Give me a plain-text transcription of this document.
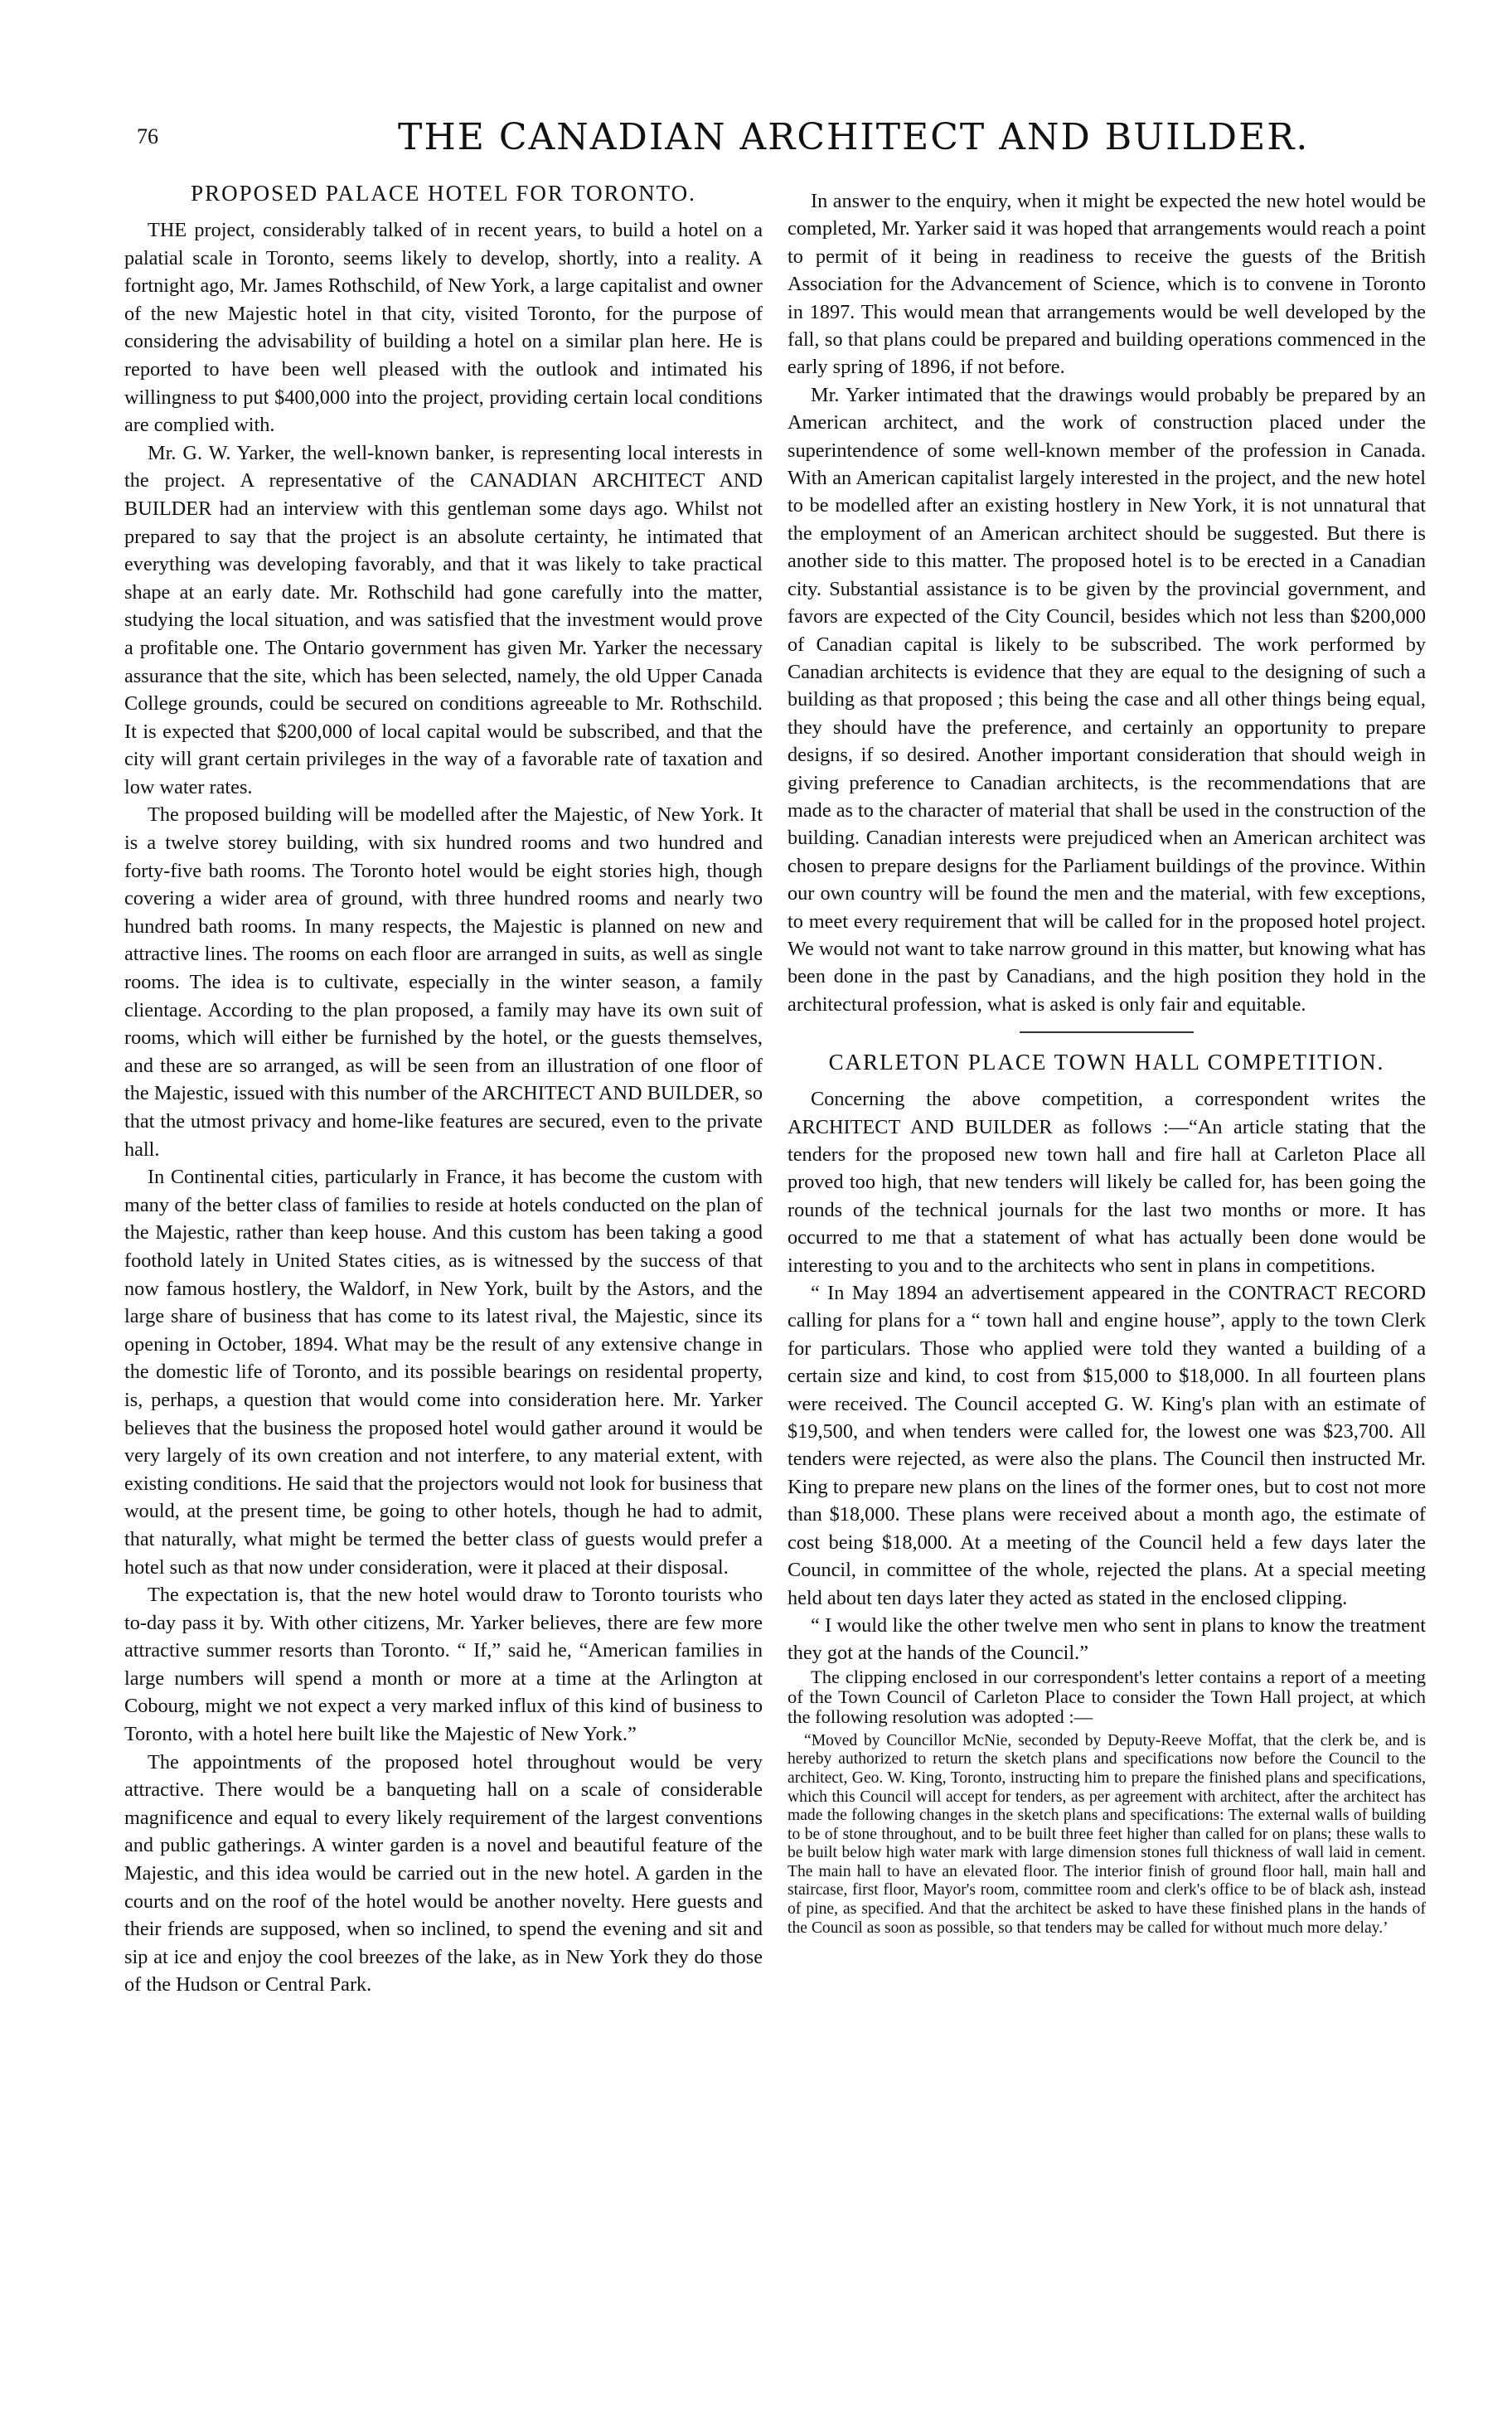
76	THE CANADIAN ARCHITECT AND BUILDER.
PROPOSED PALACE HOTEL FOR TORONTO.

THE project, considerably talked of in recent years, to build a hotel on a palatial scale in Toronto, seems likely to develop, shortly, into a reality. A fortnight ago, Mr. James Rothschild, of New York, a large capitalist and owner of the new Majestic hotel in that city, visited Toronto, for the purpose of considering the advisability of building a hotel on a similar plan here. He is reported to have been well pleased with the outlook and intimated his willingness to put $400,000 into the project, providing certain local conditions are complied with.

Mr. G. W. Yarker, the well-known banker, is representing local interests in the project. A representative of the CANADIAN ARCHITECT AND BUILDER had an interview with this gentleman some days ago. Whilst not prepared to say that the project is an absolute certainty, he intimated that everything was developing favorably, and that it was likely to take practical shape at an early date. Mr. Rothschild had gone carefully into the matter, studying the local situation, and was satisfied that the investment would prove a profitable one. The Ontario government has given Mr. Yarker the necessary assurance that the site, which has been selected, namely, the old Upper Canada College grounds, could be secured on conditions agreeable to Mr. Rothschild. It is expected that $200,000 of local capital would be subscribed, and that the city will grant certain privileges in the way of a favorable rate of taxation and low water rates.

The proposed building will be modelled after the Majestic, of New York. It is a twelve storey building, with six hundred rooms and two hundred and forty-five bath rooms. The Toronto hotel would be eight stories high, though covering a wider area of ground, with three hundred rooms and nearly two hundred bath rooms. In many respects, the Majestic is planned on new and attractive lines. The rooms on each floor are arranged in suits, as well as single rooms. The idea is to cultivate, especially in the winter season, a family clientage. According to the plan proposed, a family may have its own suit of rooms, which will either be furnished by the hotel, or the guests themselves, and these are so arranged, as will be seen from an illustration of one floor of the Majestic, issued with this number of the ARCHITECT AND BUILDER, so that the utmost privacy and home-like features are secured, even to the private hall.

In Continental cities, particularly in France, it has become the custom with many of the better class of families to reside at hotels conducted on the plan of the Majestic, rather than keep house. And this custom has been taking a good foothold lately in United States cities, as is witnessed by the success of that now famous hostlery, the Waldorf, in New York, built by the Astors, and the large share of business that has come to its latest rival, the Majestic, since its opening in October, 1894. What may be the result of any extensive change in the domestic life of Toronto, and its possible bearings on residental property, is, perhaps, a question that would come into consideration here. Mr. Yarker believes that the business the proposed hotel would gather around it would be very largely of its own creation and not interfere, to any material extent, with existing conditions. He said that the projectors would not look for business that would, at the present time, be going to other hotels, though he had to admit, that naturally, what might be termed the better class of guests would prefer a hotel such as that now under consideration, were it placed at their disposal.

The expectation is, that the new hotel would draw to Toronto tourists who to-day pass it by. With other citizens, Mr. Yarker believes, there are few more attractive summer resorts than Toronto. “ If,” said he, “American families in large numbers will spend a month or more at a time at the Arlington at Cobourg, might we not expect a very marked influx of this kind of business to Toronto, with a hotel here built like the Majestic of New York.”

The appointments of the proposed hotel throughout would be very attractive. There would be a banqueting hall on a scale of considerable magnificence and equal to every likely requirement of the largest conventions and public gatherings. A winter garden is a novel and beautiful feature of the Majestic, and this idea would be carried out in the new hotel. A garden in the courts and on the roof of the hotel would be another novelty. Here guests and their friends are supposed, when so inclined, to spend the evening and sit and sip at ice and enjoy the cool breezes of the lake, as in New York they do those of the Hudson or Central Park.

In answer to the enquiry, when it might be expected the new hotel would be completed, Mr. Yarker said it was hoped that arrangements would reach a point to permit of it being in readiness to receive the guests of the British Association for the Advancement of Science, which is to convene in Toronto in 1897. This would mean that arrangements would be well developed by the fall, so that plans could be prepared and building operations commenced in the early spring of 1896, if not before.

Mr. Yarker intimated that the drawings would probably be prepared by an American architect, and the work of construction placed under the superintendence of some well-known member of the profession in Canada. With an American capitalist largely interested in the project, and the new hotel to be modelled after an existing hostlery in New York, it is not unnatural that the employment of an American architect should be suggested. But there is another side to this matter. The proposed hotel is to be erected in a Canadian city. Substantial assistance is to be given by the provincial government, and favors are expected of the City Council, besides which not less than $200,000 of Canadian capital is likely to be subscribed. The work performed by Canadian architects is evidence that they are equal to the designing of such a building as that proposed ; this being the case and all other things being equal, they should have the preference, and certainly an opportunity to prepare designs, if so desired. Another important consideration that should weigh in giving preference to Canadian architects, is the recommendations that are made as to the character of material that shall be used in the construction of the building. Canadian interests were prejudiced when an American architect was chosen to prepare designs for the Parliament buildings of the province. Within our own country will be found the men and the material, with few exceptions, to meet every requirement that will be called for in the proposed hotel project. We would not want to take narrow ground in this matter, but knowing what has been done in the past by Canadians, and the high position they hold in the architectural profession, what is asked is only fair and equitable.

CARLETON PLACE TOWN HALL COMPETITION.

Concerning the above competition, a correspondent writes the ARCHITECT AND BUILDER as follows :—“An article stating that the tenders for the proposed new town hall and fire hall at Carleton Place all proved too high, that new tenders will likely be called for, has been going the rounds of the technical journals for the last two months or more. It has occurred to me that a statement of what has actually been done would be interesting to you and to the architects who sent in plans in competitions.

“ In May 1894 an advertisement appeared in the CONTRACT RECORD calling for plans for a “ town hall and engine house”, apply to the town Clerk for particulars. Those who applied were told they wanted a building of a certain size and kind, to cost from $15,000 to $18,000. In all fourteen plans were received. The Council accepted G. W. King's plan with an estimate of $19,500, and when tenders were called for, the lowest one was $23,700. All tenders were rejected, as were also the plans. The Council then instructed Mr. King to prepare new plans on the lines of the former ones, but to cost not more than $18,000. These plans were received about a month ago, the estimate of cost being $18,000. At a meeting of the Council held a few days later the Council, in committee of the whole, rejected the plans. At a special meeting held about ten days later they acted as stated in the enclosed clipping.

“ I would like the other twelve men who sent in plans to know the treatment they got at the hands of the Council.”

The clipping enclosed in our correspondent's letter contains a report of a meeting of the Town Council of Carleton Place to consider the Town Hall project, at which the following resolution was adopted :—

“Moved by Councillor McNie, seconded by Deputy-Reeve Moffat, that the clerk be, and is hereby authorized to return the sketch plans and specifications now before the Council to the architect, Geo. W. King, Toronto, instructing him to prepare the finished plans and specifications, which this Council will accept for tenders, as per agreement with architect, after the architect has made the following changes in the sketch plans and specifications: The external walls of building to be of stone throughout, and to be built three feet higher than called for on plans; these walls to be built below high water mark with large dimension stones full thickness of wall laid in cement. The main hall to have an elevated floor. The interior finish of ground floor hall, main hall and staircase, first floor, Mayor's room, committee room and clerk's office to be of black ash, instead of pine, as specified. And that the architect be asked to have these finished plans in the hands of the Council as soon as possible, so that tenders may be called for without much more delay.’
